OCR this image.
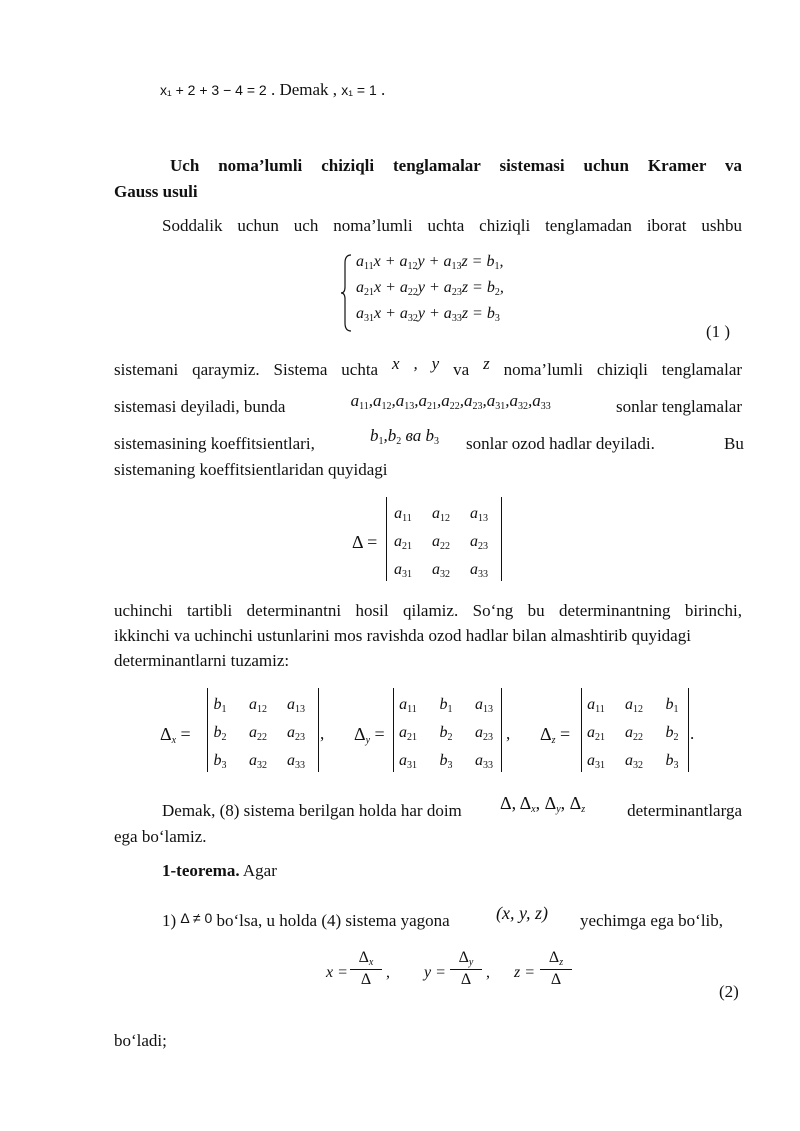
x₁ + 2 + 3 − 4 = 2 . Demak , x₁ = 1 .
Uch noma’lumli chiziqli tenglamalar sistemasi uchun Kramer va
Gauss usuli
Soddalik uchun uch noma’lumli uchta chiziqli tenglamadan iborat ushbu
$a_{11}x + a_{12}y + a_{13}z = b_1$,
$a_{21}x + a_{22}y + a_{23}z = b_2$,
$a_{31}x + a_{32}y + a_{33}z = b_3$
(1 )
sistemani qaraymiz. Sistema uchta x , y va z noma’lumli chiziqli tenglamalar
sistemasi deyiladi, bunda	$a_{11},a_{12},a_{13},a_{21},a_{22},a_{23},a_{31},a_{32},a_{33}$	sonlar tenglamalar
sistemasining koeffitsientlari,	$b_1,b_2$ ва $b_3$ sonlar ozod hadlar deyiladi.	Bu
sistemaning koeffitsientlaridan quyidagi
Δ =
$a_{11}$	$a_{12}$	$a_{13}$
$a_{21}$	$a_{22}$	$a_{23}$
$a_{31}$	$a_{32}$	$a_{33}$
uchinchi tartibli determinantni hosil qilamiz. So‘ng bu determinantning birinchi,
ikkinchi va uchinchi ustunlarini mos ravishda ozod hadlar bilan almashtirib quyidagi
determinantlarni tuzamiz:
$\Delta_x$ =
$b_1$	$a_{12}$	$a_{13}$
$b_2$	$a_{22}$	$a_{23}$
$b_3$	$a_{32}$	$a_{33}$
, $\Delta_y$ =
$a_{11}$	$b_1$	$a_{13}$
$a_{21}$	$b_2$	$a_{23}$
$a_{31}$	$b_3$	$a_{33}$
, $\Delta_z$ =
$a_{11}$	$a_{12}$	$b_1$
$a_{21}$	$a_{22}$	$b_2$
$a_{31}$	$a_{32}$	$b_3$
.
Demak, (8) sistema berilgan holda har doim Δ, $\Delta_x$, $\Delta_y$, $\Delta_z$ determinantlarga
ega bo‘lamiz.
1-teorema. Agar
1) Δ ≠ 0 bo‘lsa, u holda (4) sistema yagona	(x, y, z) yechimga ega bo‘lib,
$x = \frac{\Delta_x}{\Delta}$ , $y = \frac{\Delta_y}{\Delta}$ , $z = \frac{\Delta_z}{\Delta}$
(2)
bo‘ladi;
